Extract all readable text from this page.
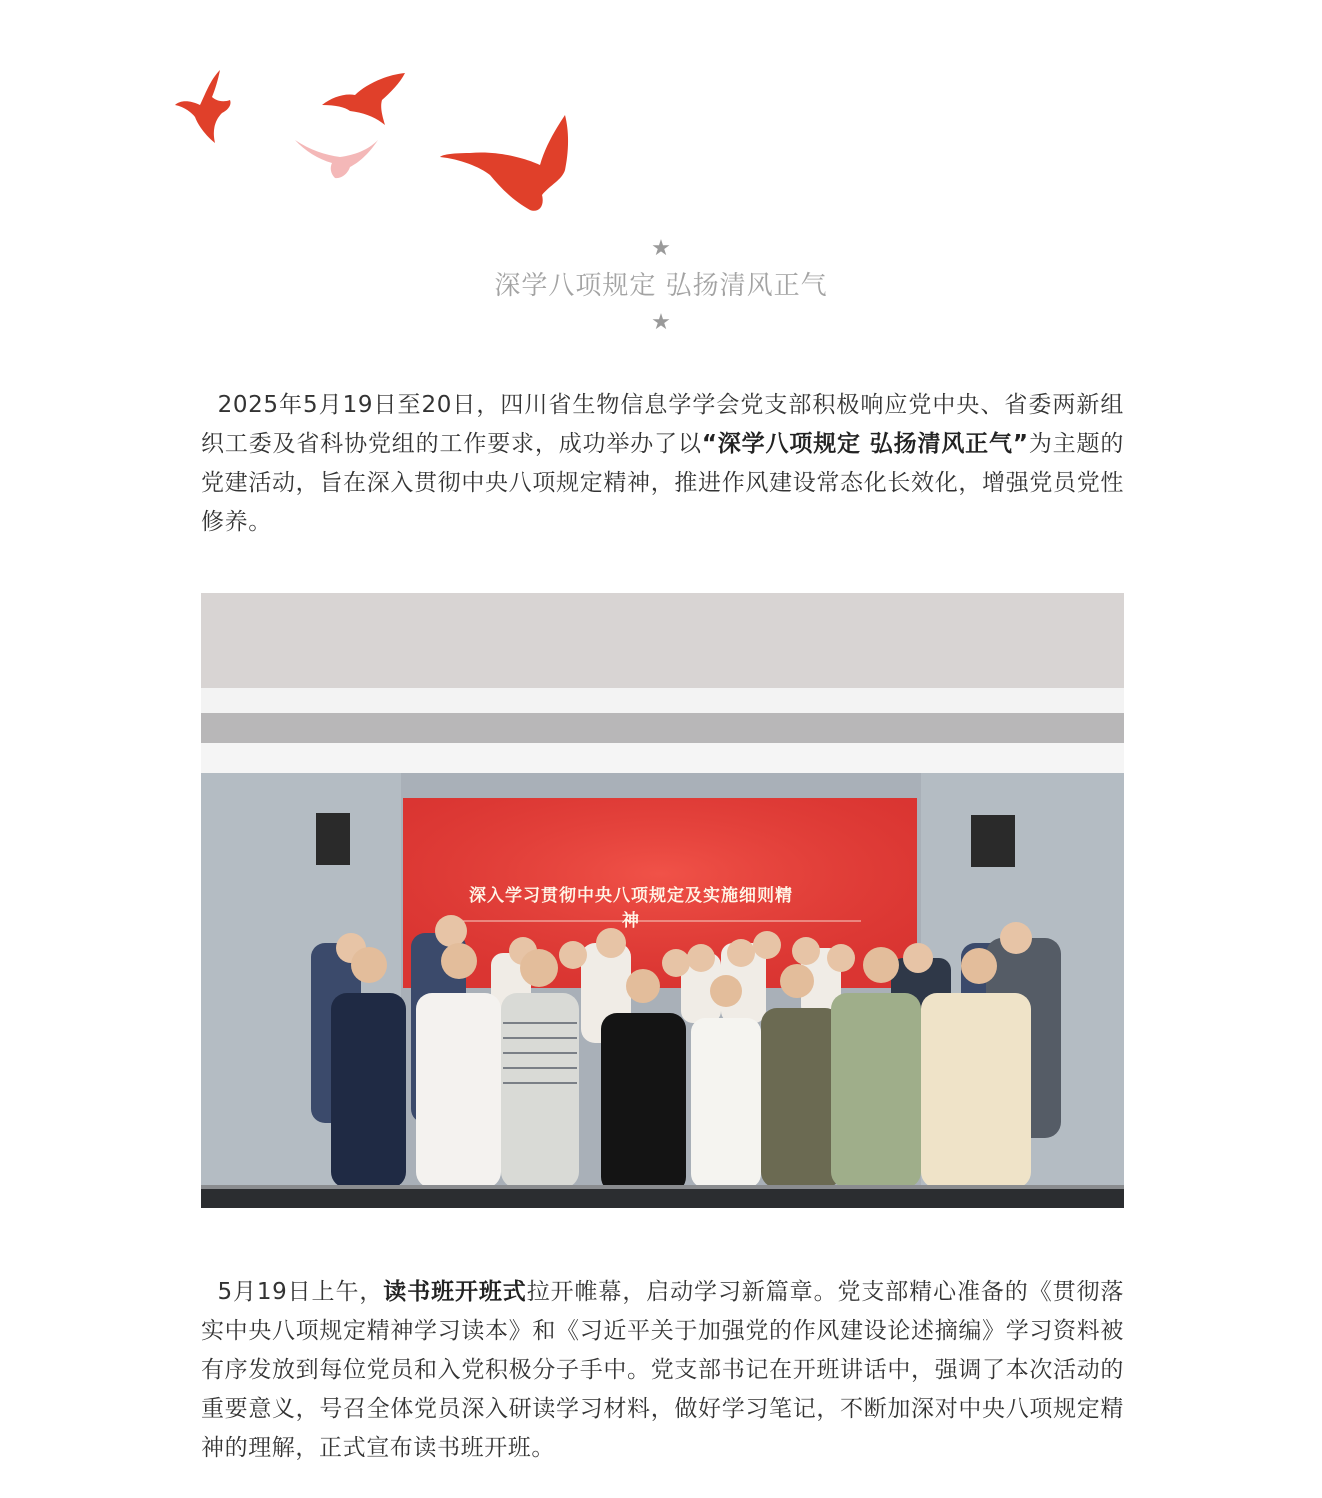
★
深学八项规定 弘扬清风正气
★

2025年5月19日至20日，四川省生物信息学学会党支部积极响应党中央、省委两新组织工委及省科协党组的工作要求，成功举办了以“深学八项规定 弘扬清风正气”为主题的党建活动，旨在深入贯彻中央八项规定精神，推进作风建设常态化长效化，增强党员党性修养。

深入学习贯彻中央八项规定及实施细则精神

5月19日上午，读书班开班式拉开帷幕，启动学习新篇章。党支部精心准备的《贯彻落实中央八项规定精神学习读本》和《习近平关于加强党的作风建设论述摘编》学习资料被有序发放到每位党员和入党积极分子手中。党支部书记在开班讲话中，强调了本次活动的重要意义，号召全体党员深入研读学习材料，做好学习笔记，不断加深对中央八项规定精神的理解，正式宣布读书班开班。
